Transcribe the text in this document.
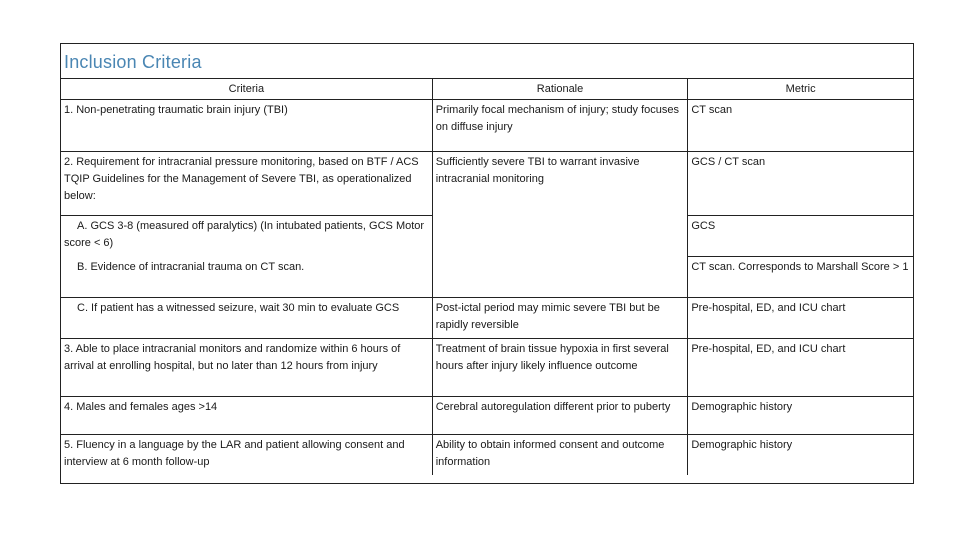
Inclusion Criteria
Criteria	Rationale	Metric
1. Non-penetrating traumatic brain injury (TBI)	Primarily focal mechanism of injury; study focuses on diffuse injury	CT scan
2. Requirement for intracranial pressure monitoring, based on BTF / ACS TQIP Guidelines for the Management of Severe TBI, as operationalized below:	Sufficiently severe TBI to warrant invasive intracranial monitoring	GCS / CT scan
A. GCS 3-8 (measured off paralytics) (In intubated patients, GCS Motor score < 6)		GCS
B. Evidence of intracranial trauma on CT scan.		CT scan. Corresponds to Marshall Score > 1
C. If patient has a witnessed seizure, wait 30 min to evaluate GCS	Post-ictal period may mimic severe TBI but be rapidly reversible	Pre-hospital, ED, and ICU chart
3. Able to place intracranial monitors and randomize within 6 hours of arrival at enrolling hospital, but no later than 12 hours from injury	Treatment of brain tissue hypoxia in first several hours after injury likely influence outcome	Pre-hospital, ED, and ICU chart
4. Males and females ages >14	Cerebral autoregulation different prior to puberty	Demographic history
5. Fluency in a language by the LAR and patient allowing consent and interview at 6 month follow-up	Ability to obtain informed consent and outcome information	Demographic history
